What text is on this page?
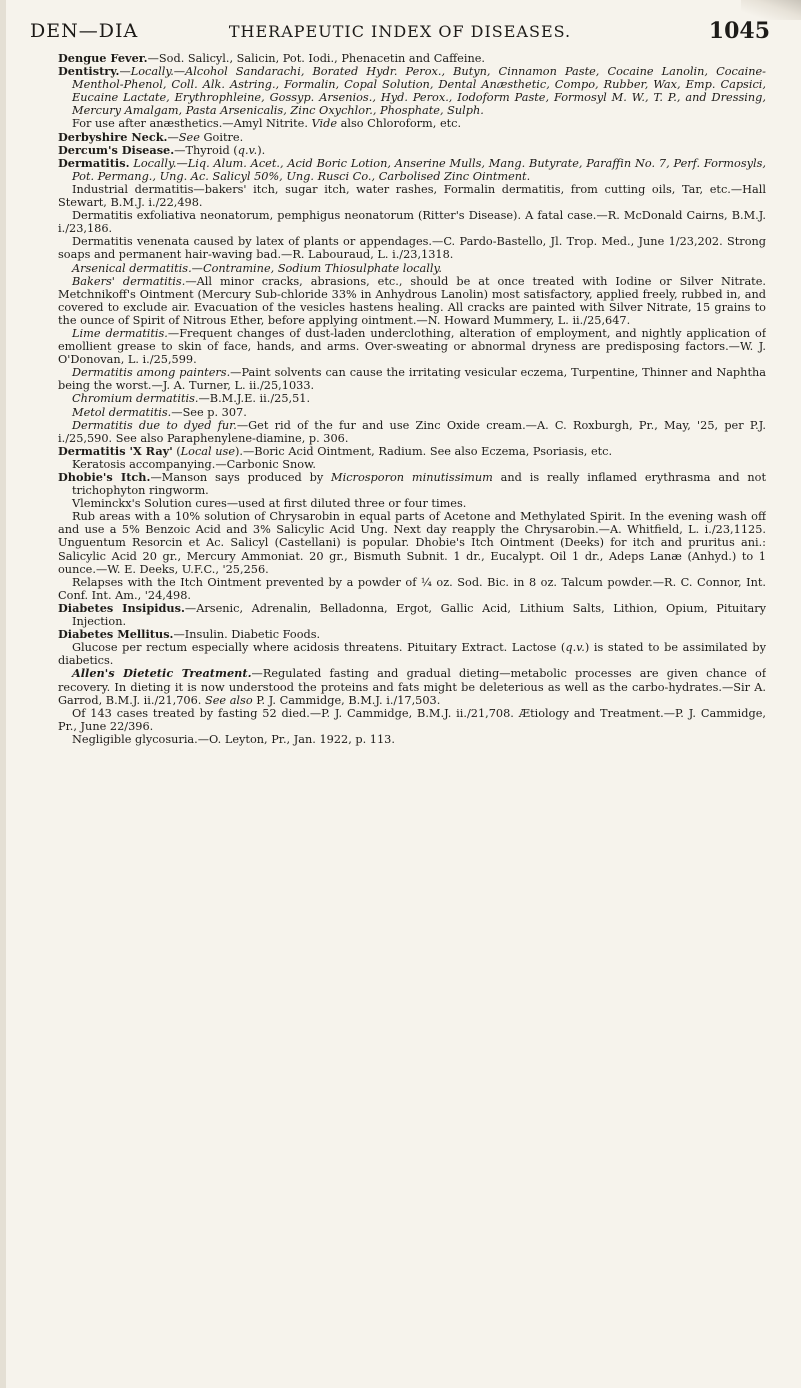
DEN—DIA	THERAPEUTIC INDEX OF DISEASES.	1045

Dengue Fever.—Sod. Salicyl., Salicin, Pot. Iodi., Phenacetin and Caffeine.

Dentistry.—Locally.—Alcohol Sandarachi, Borated Hydr. Perox., Butyn, Cinnamon Paste, Cocaine Lanolin, Cocaine-Menthol-Phenol, Coll. Alk. Astring., Formalin, Copal Solution, Dental Anæsthetic, Compo, Rubber, Wax, Emp. Capsici, Eucaine Lactate, Erythrophleine, Gossyp. Arsenios., Hyd. Perox., Iodoform Paste, Formosyl M. W., T. P., and Dressing, Mercury Amalgam, Pasta Arsenicalis, Zinc Oxychlor., Phosphate, Sulph.

For use after anæsthetics.—Amyl Nitrite. Vide also Chloroform, etc.

Derbyshire Neck.—See Goitre.

Dercum's Disease.—Thyroid (q.v.).

Dermatitis. Locally.—Liq. Alum. Acet., Acid Boric Lotion, Anserine Mulls, Mang. Butyrate, Paraffin No. 7, Perf. Formosyls, Pot. Permang., Ung. Ac. Salicyl 50%, Ung. Rusci Co., Carbolised Zinc Ointment.

Industrial dermatitis—bakers' itch, sugar itch, water rashes, Formalin dermatitis, from cutting oils, Tar, etc.—Hall Stewart, B.M.J. i./22,498.

Dermatitis exfoliativa neonatorum, pemphigus neonatorum (Ritter's Disease). A fatal case.—R. McDonald Cairns, B.M.J. i./23,186.

Dermatitis venenata caused by latex of plants or appendages.—C. Pardo-Bastello, Jl. Trop. Med., June 1/23,202. Strong soaps and permanent hair-waving bad.—R. Labouraud, L. i./23,1318.

Arsenical dermatitis.—Contramine, Sodium Thiosulphate locally.

Bakers' dermatitis.—All minor cracks, abrasions, etc., should be at once treated with Iodine or Silver Nitrate. Metchnikoff's Ointment (Mercury Sub-chloride 33% in Anhydrous Lanolin) most satisfactory, applied freely, rubbed in, and covered to exclude air. Evacuation of the vesicles hastens healing. All cracks are painted with Silver Nitrate, 15 grains to the ounce of Spirit of Nitrous Ether, before applying ointment.—N. Howard Mummery, L. ii./25,647.

Lime dermatitis.—Frequent changes of dust-laden underclothing, alteration of employment, and nightly application of emollient grease to skin of face, hands, and arms. Over-sweating or abnormal dryness are predisposing factors.—W. J. O'Donovan, L. i./25,599.

Dermatitis among painters.—Paint solvents can cause the irritating vesicular eczema, Turpentine, Thinner and Naphtha being the worst.—J. A. Turner, L. ii./25,1033.

Chromium dermatitis.—B.M.J.E. ii./25,51.

Metol dermatitis.—See p. 307.

Dermatitis due to dyed fur.—Get rid of the fur and use Zinc Oxide cream.—A. C. Roxburgh, Pr., May, '25, per P.J. i./25,590. See also Paraphenylene-diamine, p. 306.

Dermatitis 'X Ray' (Local use).—Boric Acid Ointment, Radium. See also Eczema, Psoriasis, etc.

Keratosis accompanying.—Carbonic Snow.

Dhobie's Itch.—Manson says produced by Microsporon minutissimum and is really inflamed erythrasma and not trichophyton ringworm.

Vleminckx's Solution cures—used at first diluted three or four times.

Rub areas with a 10% solution of Chrysarobin in equal parts of Acetone and Methylated Spirit. In the evening wash off and use a 5% Benzoic Acid and 3% Salicylic Acid Ung. Next day reapply the Chrysarobin.—A. Whitfield, L. i./23,1125. Unguentum Resorcin et Ac. Salicyl (Castellani) is popular. Dhobie's Itch Ointment (Deeks) for itch and pruritus ani.: Salicylic Acid 20 gr., Mercury Ammoniat. 20 gr., Bismuth Subnit. 1 dr., Eucalypt. Oil 1 dr., Adeps Lanæ (Anhyd.) to 1 ounce.—W. E. Deeks, U.F.C., '25,256.

Relapses with the Itch Ointment prevented by a powder of ¼ oz. Sod. Bic. in 8 oz. Talcum powder.—R. C. Connor, Int. Conf. Int. Am., '24,498.

Diabetes Insipidus.—Arsenic, Adrenalin, Belladonna, Ergot, Gallic Acid, Lithium Salts, Lithion, Opium, Pituitary Injection.

Diabetes Mellitus.—Insulin. Diabetic Foods.

Glucose per rectum especially where acidosis threatens. Pituitary Extract. Lactose (q.v.) is stated to be assimilated by diabetics.

Allen's Dietetic Treatment.—Regulated fasting and gradual dieting—metabolic processes are given chance of recovery. In dieting it is now understood the proteins and fats might be deleterious as well as the carbo-hydrates.—Sir A. Garrod, B.M.J. ii./21,706. See also P. J. Cammidge, B.M.J. i./17,503.

Of 143 cases treated by fasting 52 died.—P. J. Cammidge, B.M.J. ii./21,708. Ætiology and Treatment.—P. J. Cammidge, Pr., June 22/396.

Negligible glycosuria.—O. Leyton, Pr., Jan. 1922, p. 113.
